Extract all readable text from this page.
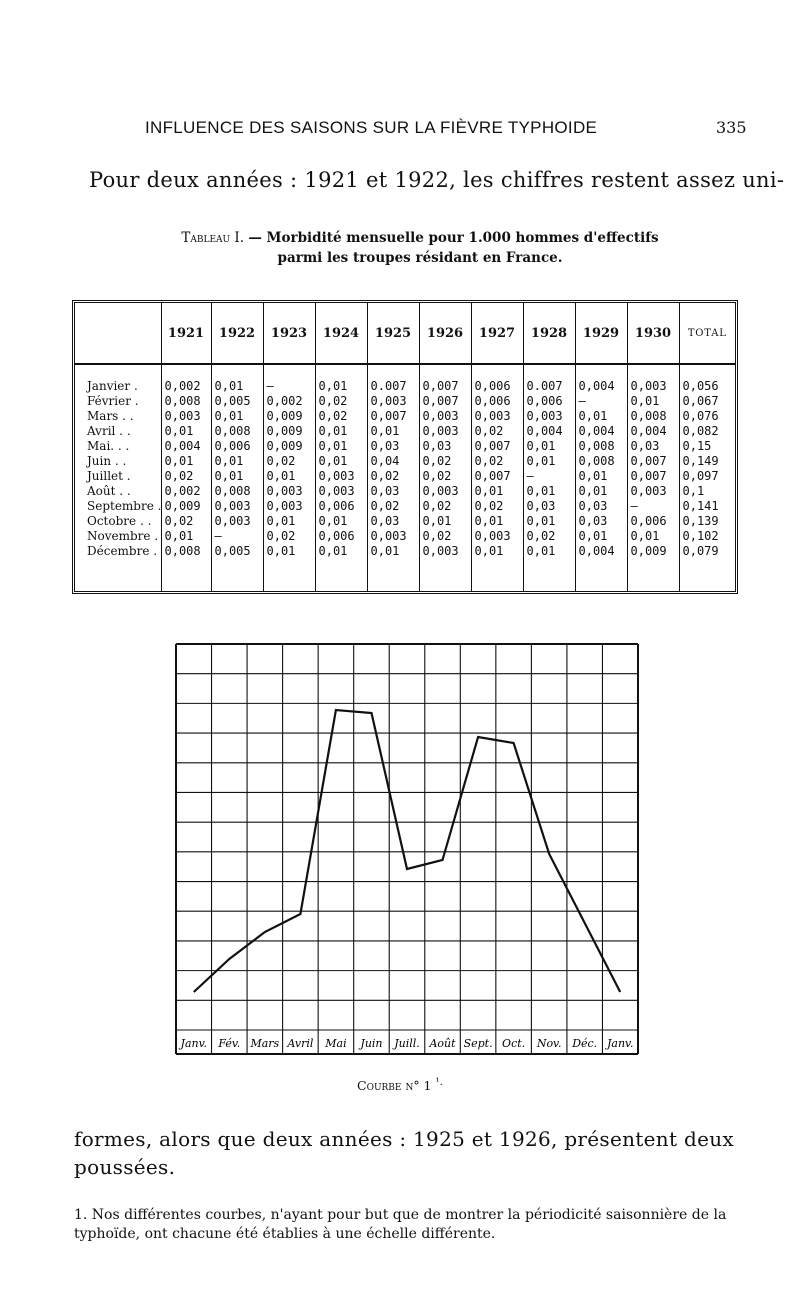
INFLUENCE DES SAISONS SUR LA FIÈVRE TYPHOIDE	335
Pour deux années : 1921 et 1922, les chiffres restent assez uni-
Tableau I. — Morbidité mensuelle pour 1.000 hommes d'effectifs
parmi les troupes résidant en France.
	1921	1922	1923	1924	1925	1926	1927	1928	1929	1930	TOTAL
Janvier .	0,002	0,01	—	0,01	0.007	0,007	0,006	0.007	0,004	0,003	0,056
Février .	0,008	0,005	0,002	0,02	0,003	0,007	0,006	0,006	—	0,01	0,067
Mars . .	0,003	0,01	0,009	0,02	0,007	0,003	0,003	0,003	0,01	0,008	0,076
Avril . .	0,01	0,008	0,009	0,01	0,01	0,003	0,02	0,004	0,004	0,004	0,082
Mai. . .	0,004	0,006	0,009	0,01	0,03	0,03	0,007	0,01	0,008	0,03	0,15
Juin . .	0,01	0,01	0,02	0,01	0,04	0,02	0,02	0,01	0,008	0,007	0,149
Juillet .	0,02	0,01	0,01	0,003	0,02	0,02	0,007	—	0,01	0,007	0,097
Août . .	0,002	0,008	0,003	0,003	0,03	0,003	0,01	0,01	0,01	0,003	0,1
Septembre .	0,009	0,003	0,003	0,006	0,02	0,02	0,02	0,03	0,03	—	0,141
Octobre . .	0,02	0,003	0,01	0,01	0,03	0,01	0,01	0,01	0,03	0,006	0,139
Novembre .	0,01	—	0,02	0,006	0,003	0,02	0,003	0,02	0,01	0,01	0,102
Décembre .	0,008	0,005	0,01	0,01	0,01	0,003	0,01	0,01	0,004	0,009	0,079

Janv. Fév. Mars Avril Mai Juin Juill. Août Sept. Oct. Nov. Déc. Janv.
Courbe n° 1 $^{^1.}$
formes, alors que deux années : 1925 et 1926, présentent deux poussées.
1. Nos différentes courbes, n'ayant pour but que de montrer la périodicité saisonnière de la typhoïde, ont chacune été établies à une échelle différente.
